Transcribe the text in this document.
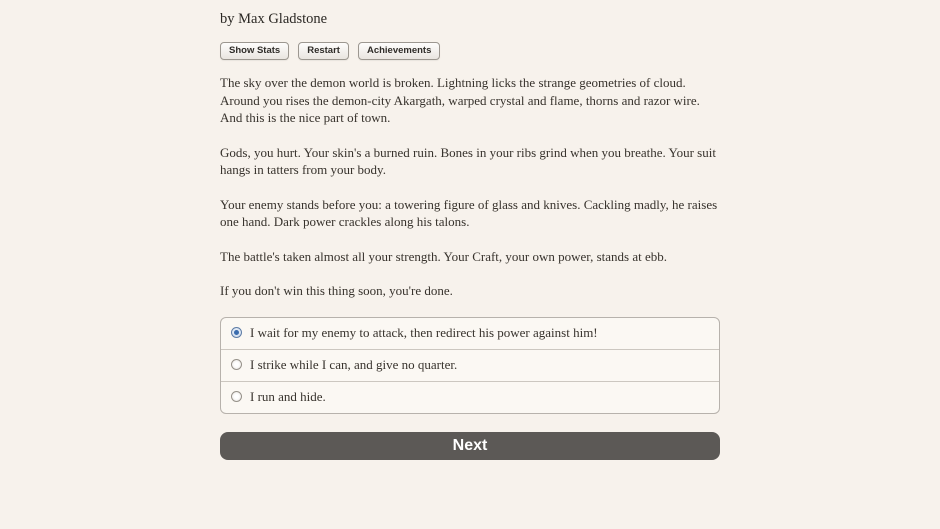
by Max Gladstone
Show Stats	Restart	Achievements

The sky over the demon world is broken. Lightning licks the strange geometries of cloud. Around you rises the demon-city Akargath, warped crystal and flame, thorns and razor wire. And this is the nice part of town.

Gods, you hurt. Your skin's a burned ruin. Bones in your ribs grind when you breathe. Your suit hangs in tatters from your body.

Your enemy stands before you: a towering figure of glass and knives. Cackling madly, he raises one hand. Dark power crackles along his talons.

The battle's taken almost all your strength. Your Craft, your own power, stands at ebb.

If you don't win this thing soon, you're done.

I wait for my enemy to attack, then redirect his power against him!
I strike while I can, and give no quarter.
I run and hide.
Next
